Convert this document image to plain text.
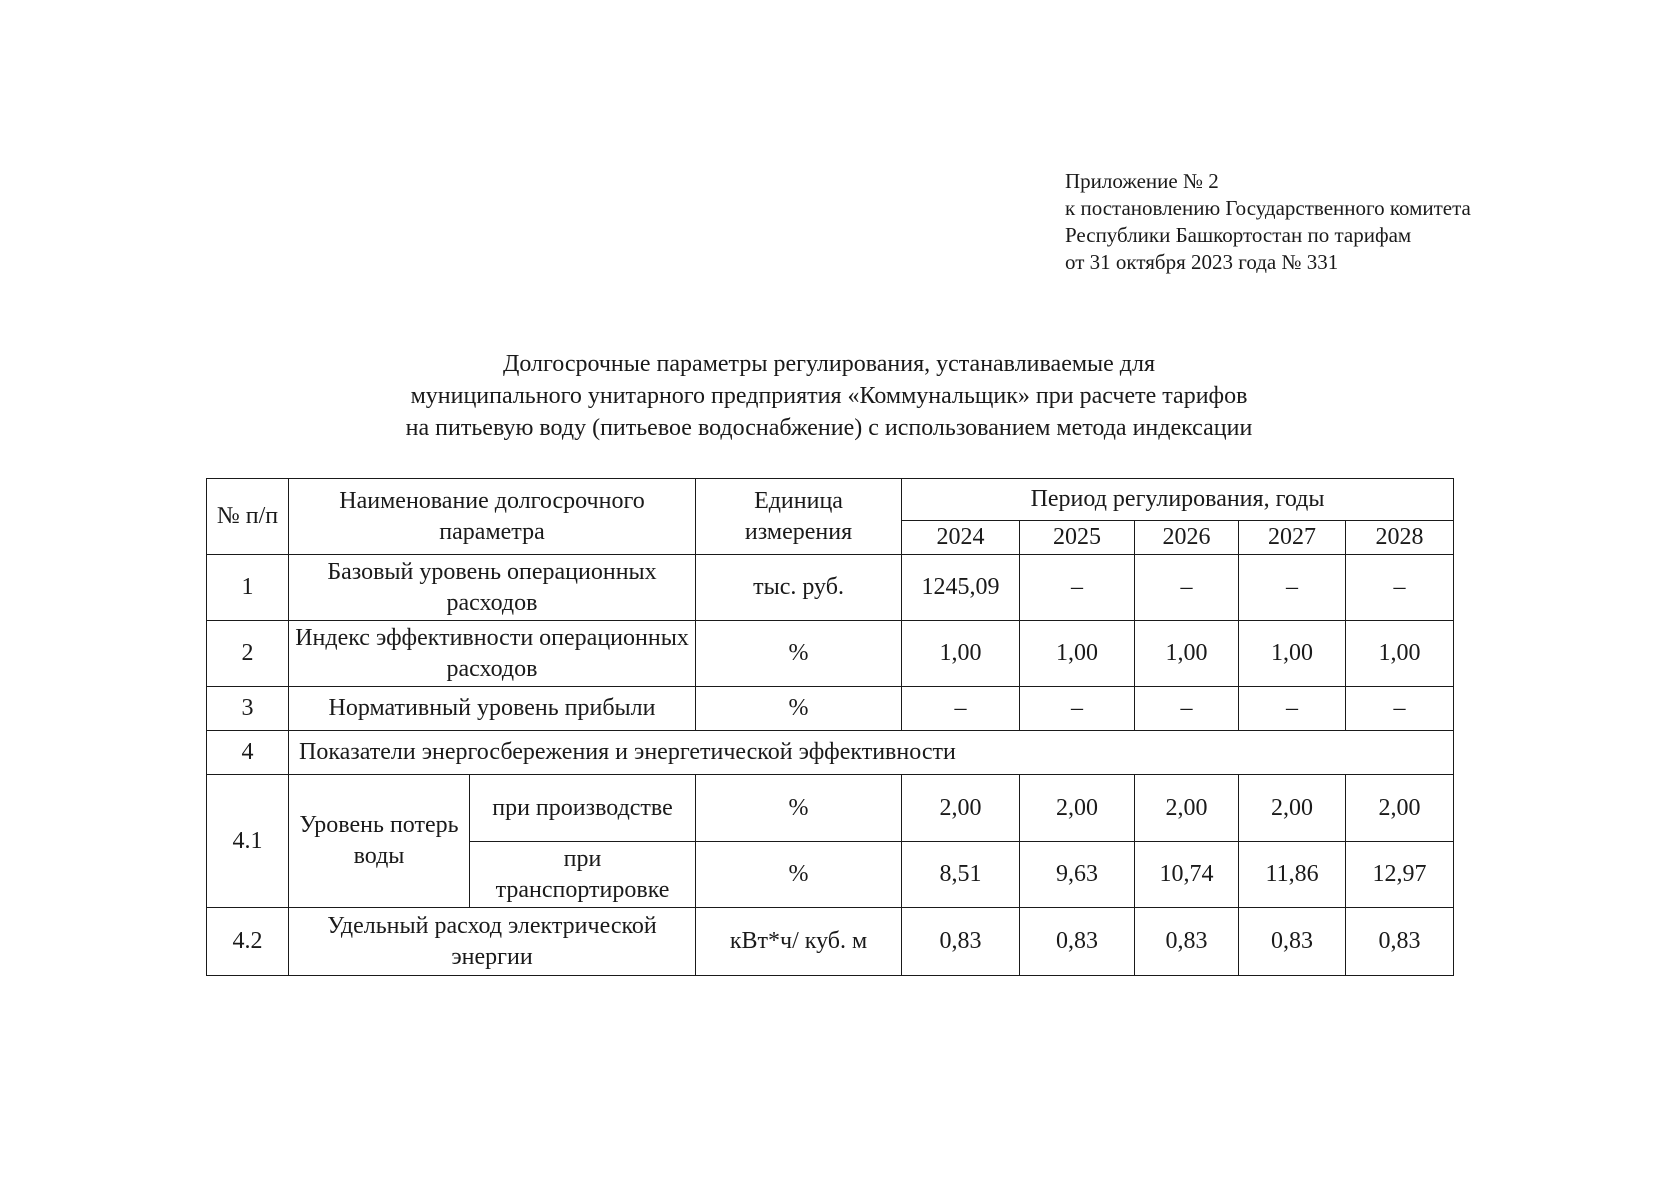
Приложение № 2
к постановлению Государственного комитета
Республики Башкортостан по тарифам
от 31 октября 2023 года № 331
Долгосрочные параметры регулирования, устанавливаемые для
муниципального унитарного предприятия «Коммунальщик» при расчете тарифов
на питьевую воду (питьевое водоснабжение) с использованием метода индексации
№ п/п	Наименование долгосрочного параметра		Единица измерения	Период регулирования, годы				
				2024	2025	2026	2027	2028
1	Базовый уровень операционных расходов		тыс. руб.	1245,09	–	–	–	–
2	Индекс эффективности операционных расходов		%	1,00	1,00	1,00	1,00	1,00
3	Нормативный уровень прибыли		%	–	–	–	–	–
4	Показатели энергосбережения и энергетической эффективности							
4.1	Уровень потерь воды	при производстве	%	2,00	2,00	2,00	2,00	2,00
		при транспортировке	%	8,51	9,63	10,74	11,86	12,97
4.2	Удельный расход электрической энергии		кВт*ч/ куб. м	0,83	0,83	0,83	0,83	0,83
